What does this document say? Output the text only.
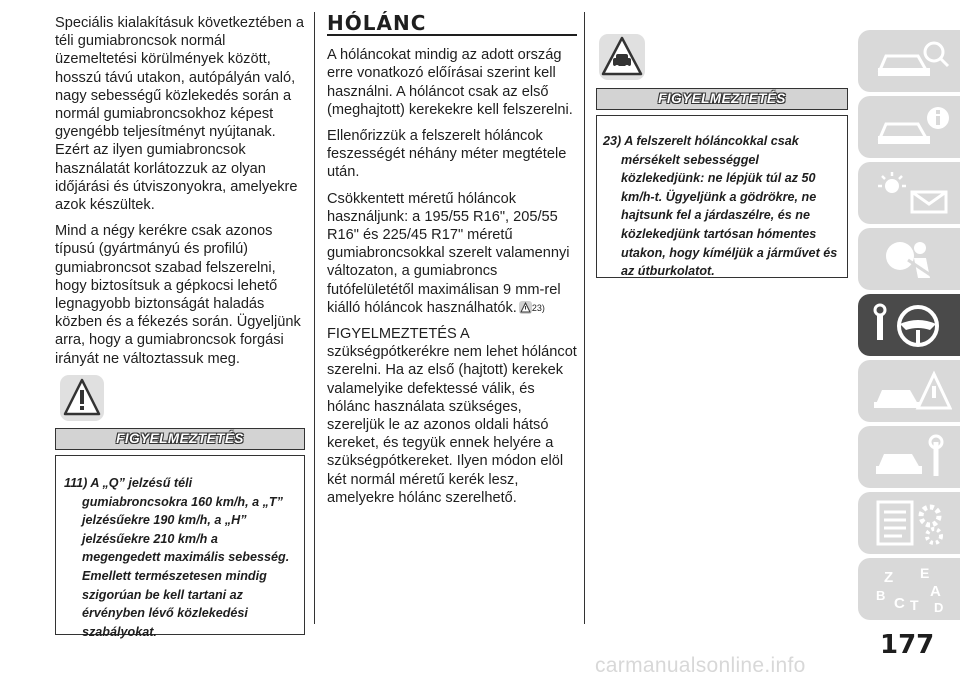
Speciális kialakításuk következtében a téli gumiabroncsok normál üzemeltetési körülmények között, hosszú távú utakon, autópályán való, nagy sebességű közlekedés során a normál gumiabroncsokhoz képest gyengébb teljesítményt nyújtanak. Ezért az ilyen gumiabroncsok használatát korlátozzuk az olyan időjárási és útviszonyokra, amelyekre azok készültek.

Mind a négy kerékre csak azonos típusú (gyártmányú és profilú) gumiabroncsot szabad felszerelni, hogy biztosítsuk a gépkocsi lehető legnagyobb biztonságát haladás közben és a fékezés során. Ügyeljünk arra, hogy a gumiabroncsok forgási irányát ne változtassuk meg.

FIGYELMEZTETÉS
111) A „Q” jelzésű téli gumiabroncsokra 160 km/h, a „T” jelzésűekre 190 km/h, a „H” jelzésűekre 210 km/h a megengedett maximális sebesség. Emellett természetesen mindig szigorúan be kell tartani az érvényben lévő közlekedési szabályokat.
HÓLÁNC

A hóláncokat mindig az adott ország erre vonatkozó előírásai szerint kell használni. A hóláncot csak az első (meghajtott) kerekekre kell felszerelni.

Ellenőrizzük a felszerelt hóláncok feszességét néhány méter megtétele után.

Csökkentett méretű hóláncok használjunk: a 195/55 R16", 205/55 R16" és 225/45 R17" méretű gumiabroncsokkal szerelt valamennyi változaton, a gumiabroncs futófelületétől maximálisan 9 mm-rel kiálló hóláncok használhatók. 23)

FIGYELMEZTETÉS A szükségpótkerékre nem lehet hóláncot szerelni. Ha az első (hajtott) kerekek valamelyike defektessé válik, és hólánc használata szükséges, szereljük le az azonos oldali hátsó kereket, és tegyük ennek helyére a szükségpótkereket. Ilyen módon elöl két normál méretű kerék lesz, amelyekre hólánc szerelhető.

FIGYELMEZTETÉS
23) A felszerelt hóláncokkal csak mérsékelt sebességgel közlekedjünk: ne lépjük túl az 50 km/h-t. Ügyeljünk a gödrökre, ne hajtsunk fel a járdaszélre, és ne közlekedjünk tartósan hómentes utakon, hogy kíméljük a járművet és az útburkolatot.
Z E
A
B C T D
177
carmanualsonline.info
